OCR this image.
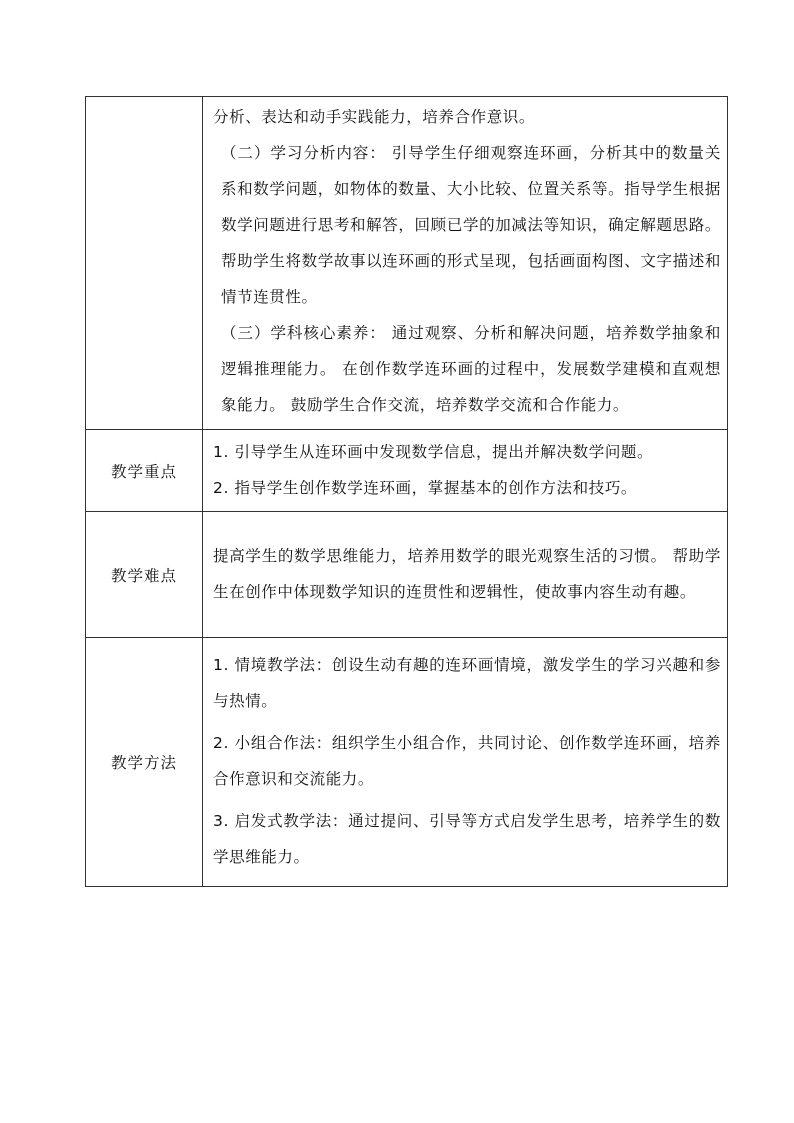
	分析、表达和动手实践能力，培养合作意识。

（二）学习分析内容： 引导学生仔细观察连环画，分析其中的数量关系和数学问题，如物体的数量、大小比较、位置关系等。指导学生根据数学问题进行思考和解答，回顾已学的加减法等知识，确定解题思路。帮助学生将数学故事以连环画的形式呈现，包括画面构图、文字描述和情节连贯性。

（三）学科核心素养： 通过观察、分析和解决问题，培养数学抽象和逻辑推理能力。 在创作数学连环画的过程中，发展数学建模和直观想象能力。 鼓励学生合作交流，培养数学交流和合作能力。

教学重点	1. 引导学生从连环画中发现数学信息，提出并解决数学问题。

2. 指导学生创作数学连环画，掌握基本的创作方法和技巧。

教学难点	提高学生的数学思维能力，培养用数学的眼光观察生活的习惯。 帮助学生在创作中体现数学知识的连贯性和逻辑性，使故事内容生动有趣。

教学方法	1. 情境教学法：创设生动有趣的连环画情境，激发学生的学习兴趣和参与热情。

2. 小组合作法：组织学生小组合作，共同讨论、创作数学连环画，培养合作意识和交流能力。

3. 启发式教学法：通过提问、引导等方式启发学生思考，培养学生的数学思维能力。
